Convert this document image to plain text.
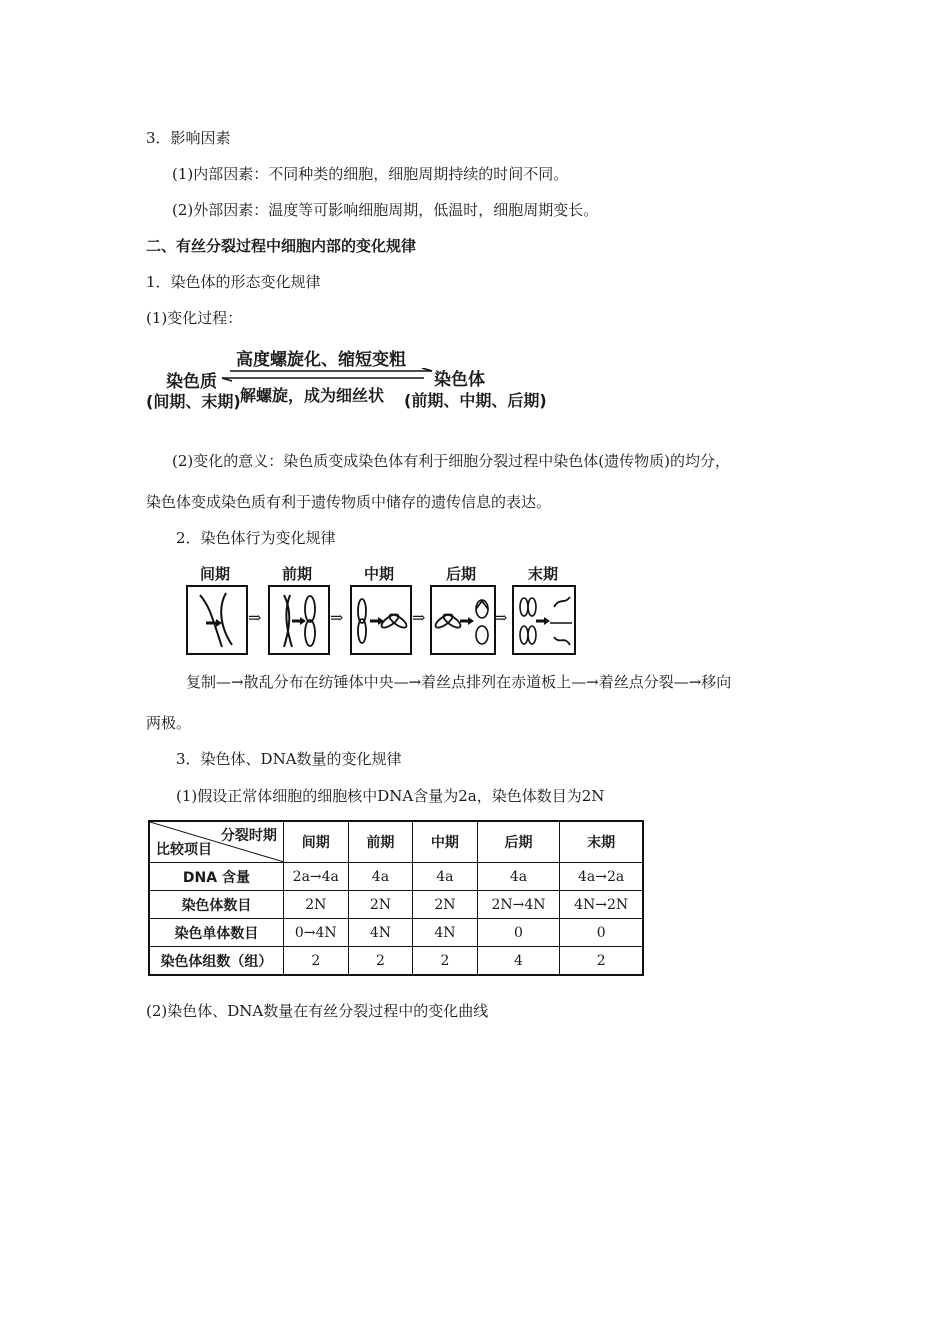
3．影响因素
(1)内部因素：不同种类的细胞，细胞周期持续的时间不同。
(2)外部因素：温度等可影响细胞周期，低温时，细胞周期变长。
二、有丝分裂过程中细胞内部的变化规律
1．染色体的形态变化规律
(1)变化过程：
高度螺旋化、缩短变粗
染色质
(间期、末期) 解螺旋，成为细丝状
染色体
(前期、中期、后期)
(2)变化的意义：染色质变成染色体有利于细胞分裂过程中染色体(遗传物质)的均分，
染色体变成染色质有利于遗传物质中储存的遗传信息的表达。
2．染色体行为变化规律
间期	前期	中期	后期	末期
⇒	⇒	⇒	⇒
复制—→散乱分布在纺锤体中央—→着丝点排列在赤道板上—→着丝点分裂—→移向
两极。
3．染色体、DNA数量的变化规律
(1)假设正常体细胞的细胞核中DNA含量为2a，染色体数目为2N
分裂时期
比较项目	间期	前期	中期	后期	末期
DNA 含量	2a→4a	4a	4a	4a	4a→2a
染色体数目	2N	2N	2N	2N→4N	4N→2N
染色单体数目	0→4N	4N	4N	0	0
染色体组数（组）	2	2	2	4	2
(2)染色体、DNA数量在有丝分裂过程中的变化曲线
